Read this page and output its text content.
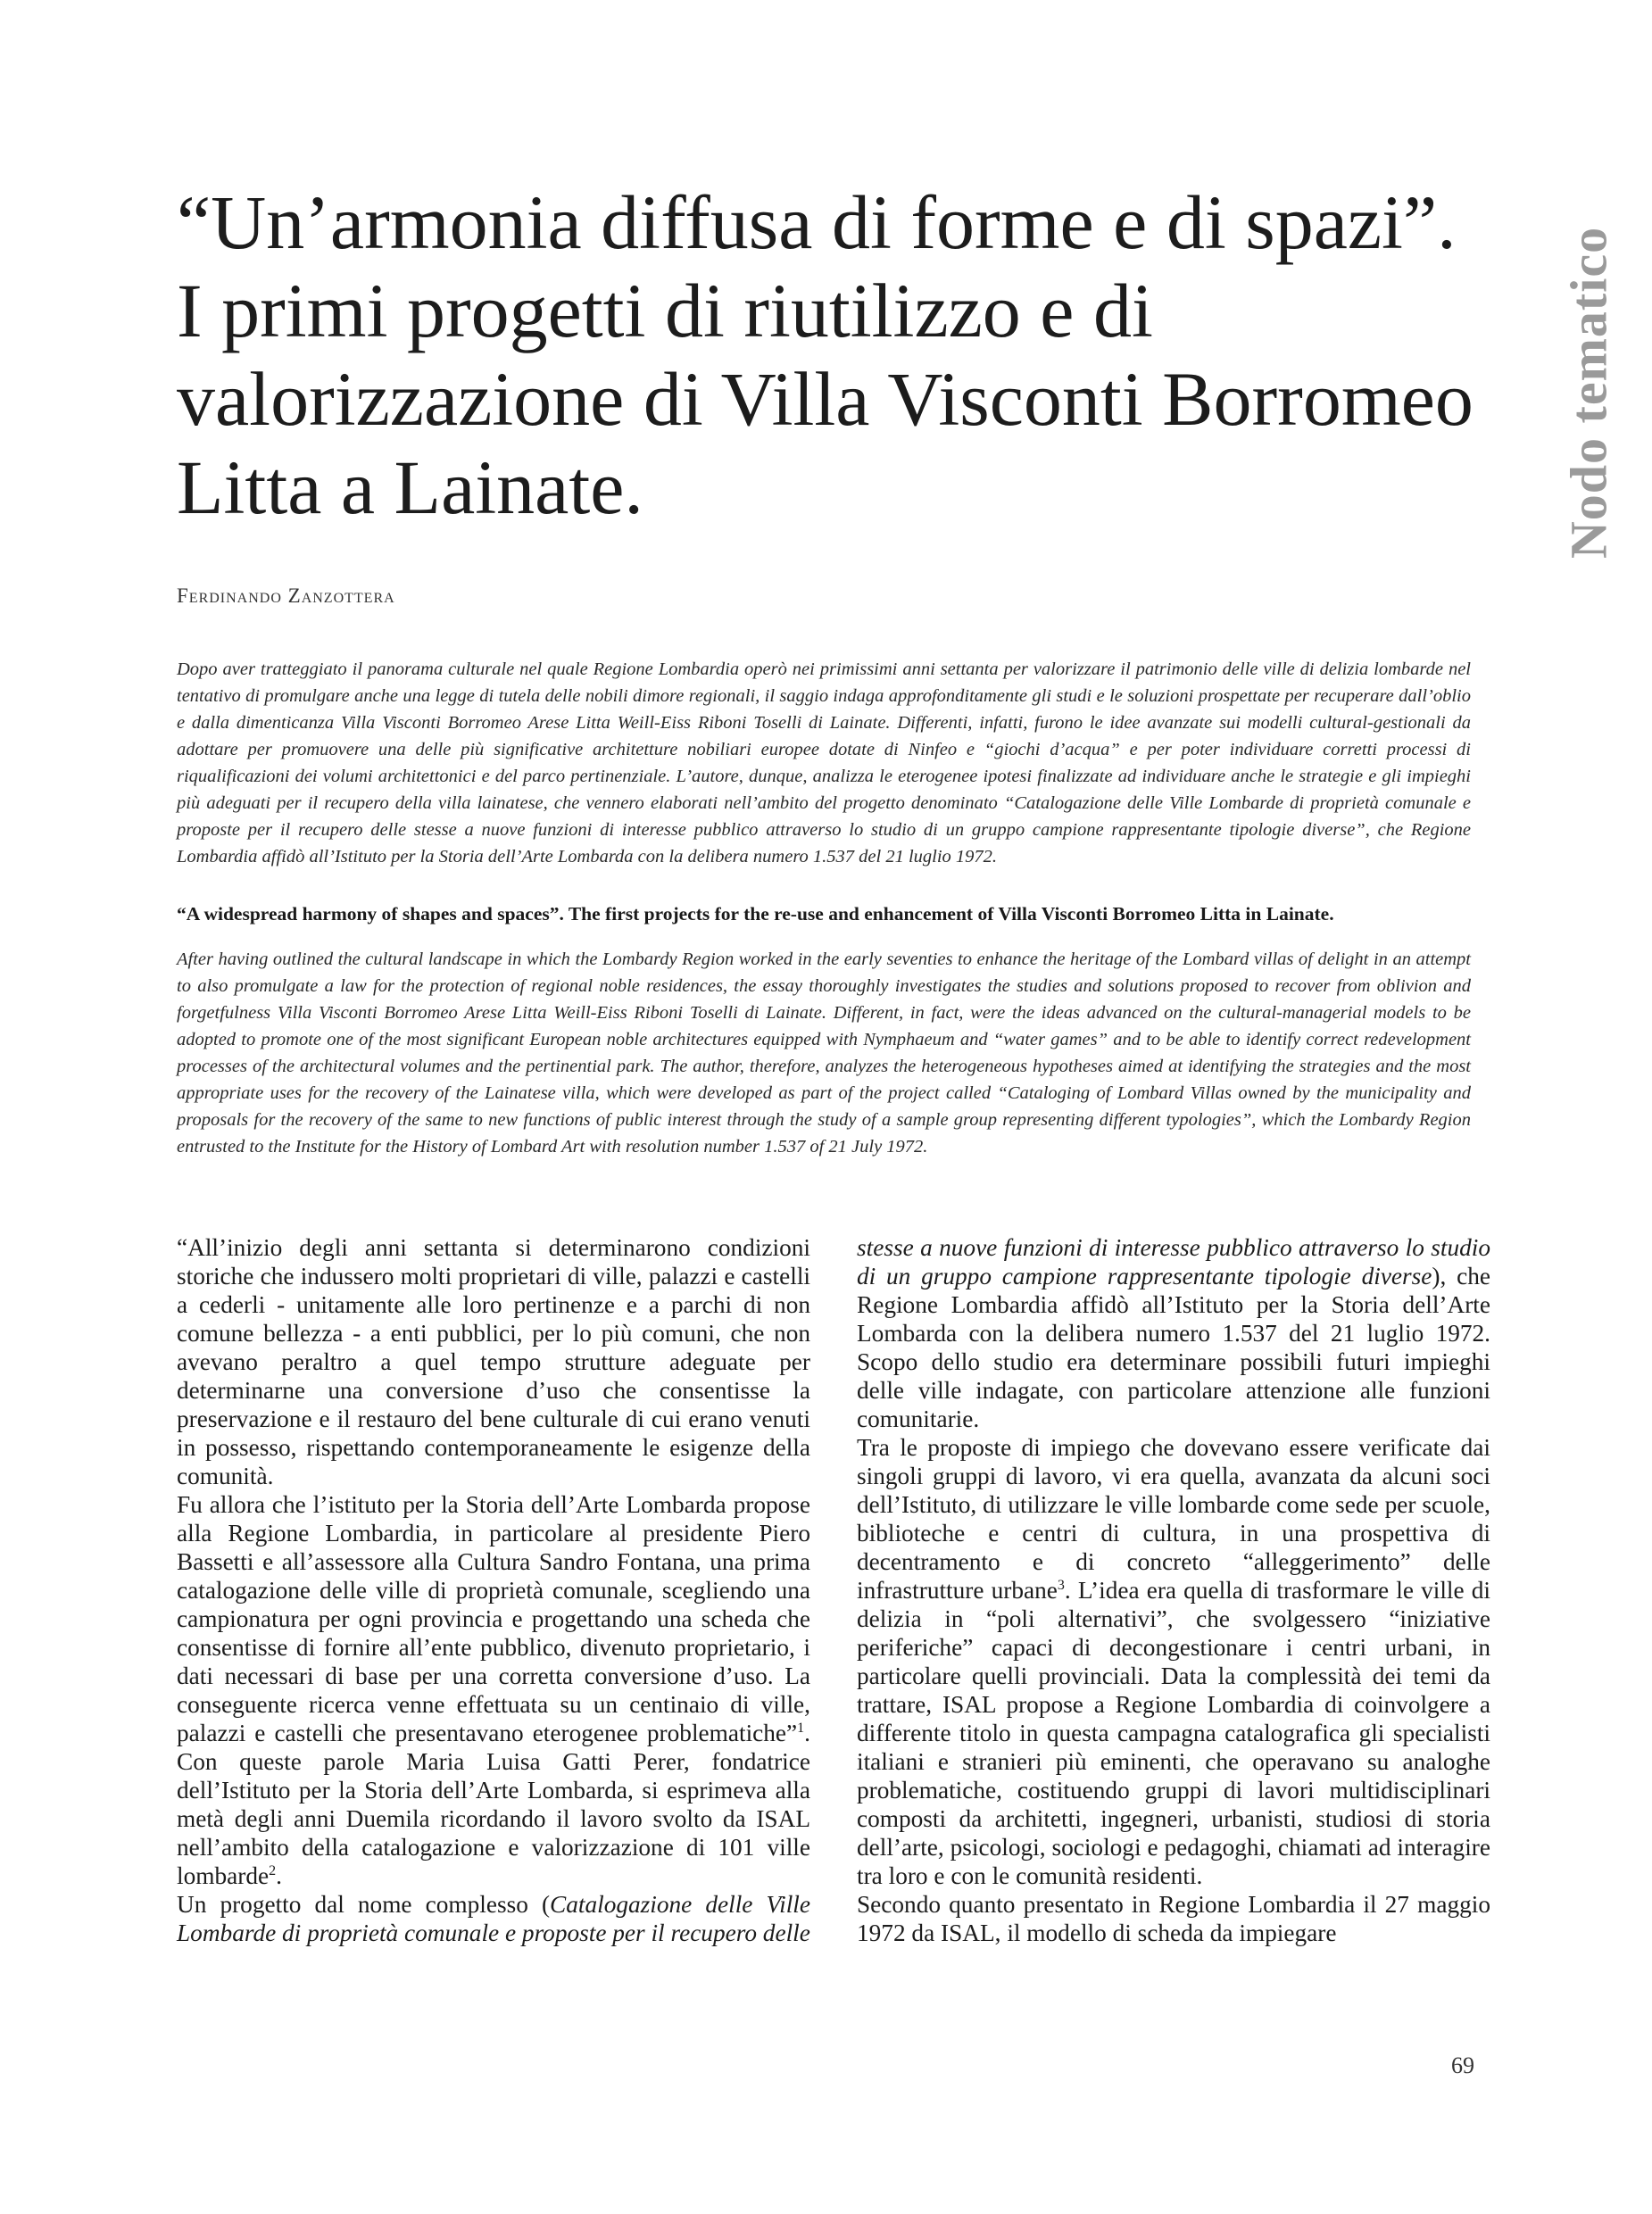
“Un’armonia diffusa di forme e di spazi”.
I primi progetti di riutilizzo e di
valorizzazione di Villa Visconti Borromeo
Litta a Lainate.	Nodo tematico
Ferdinando Zanzottera
Dopo aver tratteggiato il panorama culturale nel quale Regione Lombardia operò nei primissimi anni settanta per valorizzare il patrimonio delle ville di delizia lombarde nel tentativo di promulgare anche una legge di tutela delle nobili dimore regionali, il saggio indaga approfonditamente gli studi e le soluzioni prospettate per recuperare dall’oblio e dalla dimenticanza Villa Visconti Borromeo Arese Litta Weill-Eiss Riboni Toselli di Lainate. Differenti, infatti, furono le idee avanzate sui modelli cultural-gestionali da adottare per promuovere una delle più significative architetture nobiliari europee dotate di Ninfeo e “giochi d’acqua” e per poter individuare corretti processi di riqualificazioni dei volumi architettonici e del parco pertinenziale. L’autore, dunque, analizza le eterogenee ipotesi finalizzate ad individuare anche le strategie e gli impieghi più adeguati per il recupero della villa lainatese, che vennero elaborati nell’ambito del progetto denominato “Catalogazione delle Ville Lombarde di proprietà comunale e proposte per il recupero delle stesse a nuove funzioni di interesse pubblico attraverso lo studio di un gruppo campione rappresentante tipologie diverse”, che Regione Lombardia affidò all’Istituto per la Storia dell’Arte Lombarda con la delibera numero 1.537 del 21 luglio 1972.
“A widespread harmony of shapes and spaces”. The first projects for the re-use and enhancement of Villa Visconti Borromeo Litta in Lainate.
After having outlined the cultural landscape in which the Lombardy Region worked in the early seventies to enhance the heritage of the Lombard villas of delight in an attempt to also promulgate a law for the protection of regional noble residences, the essay thoroughly investigates the studies and solutions proposed to recover from oblivion and forgetfulness Villa Visconti Borromeo Arese Litta Weill-Eiss Riboni Toselli di Lainate. Different, in fact, were the ideas advanced on the cultural-managerial models to be adopted to promote one of the most significant European noble architectures equipped with Nymphaeum and “water games” and to be able to identify correct redevelopment processes of the architectural volumes and the pertinential park. The author, therefore, analyzes the heterogeneous hypotheses aimed at identifying the strategies and the most appropriate uses for the recovery of the Lainatese villa, which were developed as part of the project called “Cataloging of Lombard Villas owned by the municipality and proposals for the recovery of the same to new functions of public interest through the study of a sample group representing different typologies”, which the Lombardy Region entrusted to the Institute for the History of Lombard Art with resolution number 1.537 of 21 July 1972.

“All’inizio degli anni settanta si determinarono condizioni storiche che indussero molti proprietari di ville, palazzi e castelli a cederli - unitamente alle loro pertinenze e a parchi di non comune bellezza - a enti pubblici, per lo più comuni, che non avevano peraltro a quel tempo strutture adeguate per determinarne una conversione d’uso che consentisse la preservazione e il restauro del bene culturale di cui erano venuti in possesso, rispettando contemporaneamente le esigenze della comunità.

Fu allora che l’istituto per la Storia dell’Arte Lombarda propose alla Regione Lombardia, in particolare al presidente Piero Bassetti e all’assessore alla Cultura Sandro Fontana, una prima catalogazione delle ville di proprietà comunale, scegliendo una campionatura per ogni provincia e progettando una scheda che consentisse di fornire all’ente pubblico, divenuto proprietario, i dati necessari di base per una corretta conversione d’uso. La conseguente ricerca venne effettuata su un centinaio di ville, palazzi e castelli che presentavano eterogenee problematiche”$^1$. Con queste parole Maria Luisa Gatti Perer, fondatrice dell’Istituto per la Storia dell’Arte Lombarda, si esprimeva alla metà degli anni Duemila ricordando il lavoro svolto da ISAL nell’ambito della catalogazione e valorizzazione di 101 ville lombarde$^2$.

Un progetto dal nome complesso (Catalogazione delle Ville Lombarde di proprietà comunale e proposte per il recupero delle

stesse a nuove funzioni di interesse pubblico attraverso lo studio di un gruppo campione rappresentante tipologie diverse), che Regione Lombardia affidò all’Istituto per la Storia dell’Arte Lombarda con la delibera numero 1.537 del 21 luglio 1972. Scopo dello studio era determinare possibili futuri impieghi delle ville indagate, con particolare attenzione alle funzioni comunitarie.

Tra le proposte di impiego che dovevano essere verificate dai singoli gruppi di lavoro, vi era quella, avanzata da alcuni soci dell’Istituto, di utilizzare le ville lombarde come sede per scuole, biblioteche e centri di cultura, in una prospettiva di decentramento e di concreto “alleggerimento” delle infrastrutture urbane$^3$. L’idea era quella di trasformare le ville di delizia in “poli alternativi”, che svolgessero “iniziative periferiche” capaci di decongestionare i centri urbani, in particolare quelli provinciali. Data la complessità dei temi da trattare, ISAL propose a Regione Lombardia di coinvolgere a differente titolo in questa campagna catalografica gli specialisti italiani e stranieri più eminenti, che operavano su analoghe problematiche, costituendo gruppi di lavori multidisciplinari composti da architetti, ingegneri, urbanisti, studiosi di storia dell’arte, psicologi, sociologi e pedagoghi, chiamati ad interagire tra loro e con le comunità residenti.

Secondo quanto presentato in Regione Lombardia il 27 maggio 1972 da ISAL, il modello di scheda da impiegare

69
